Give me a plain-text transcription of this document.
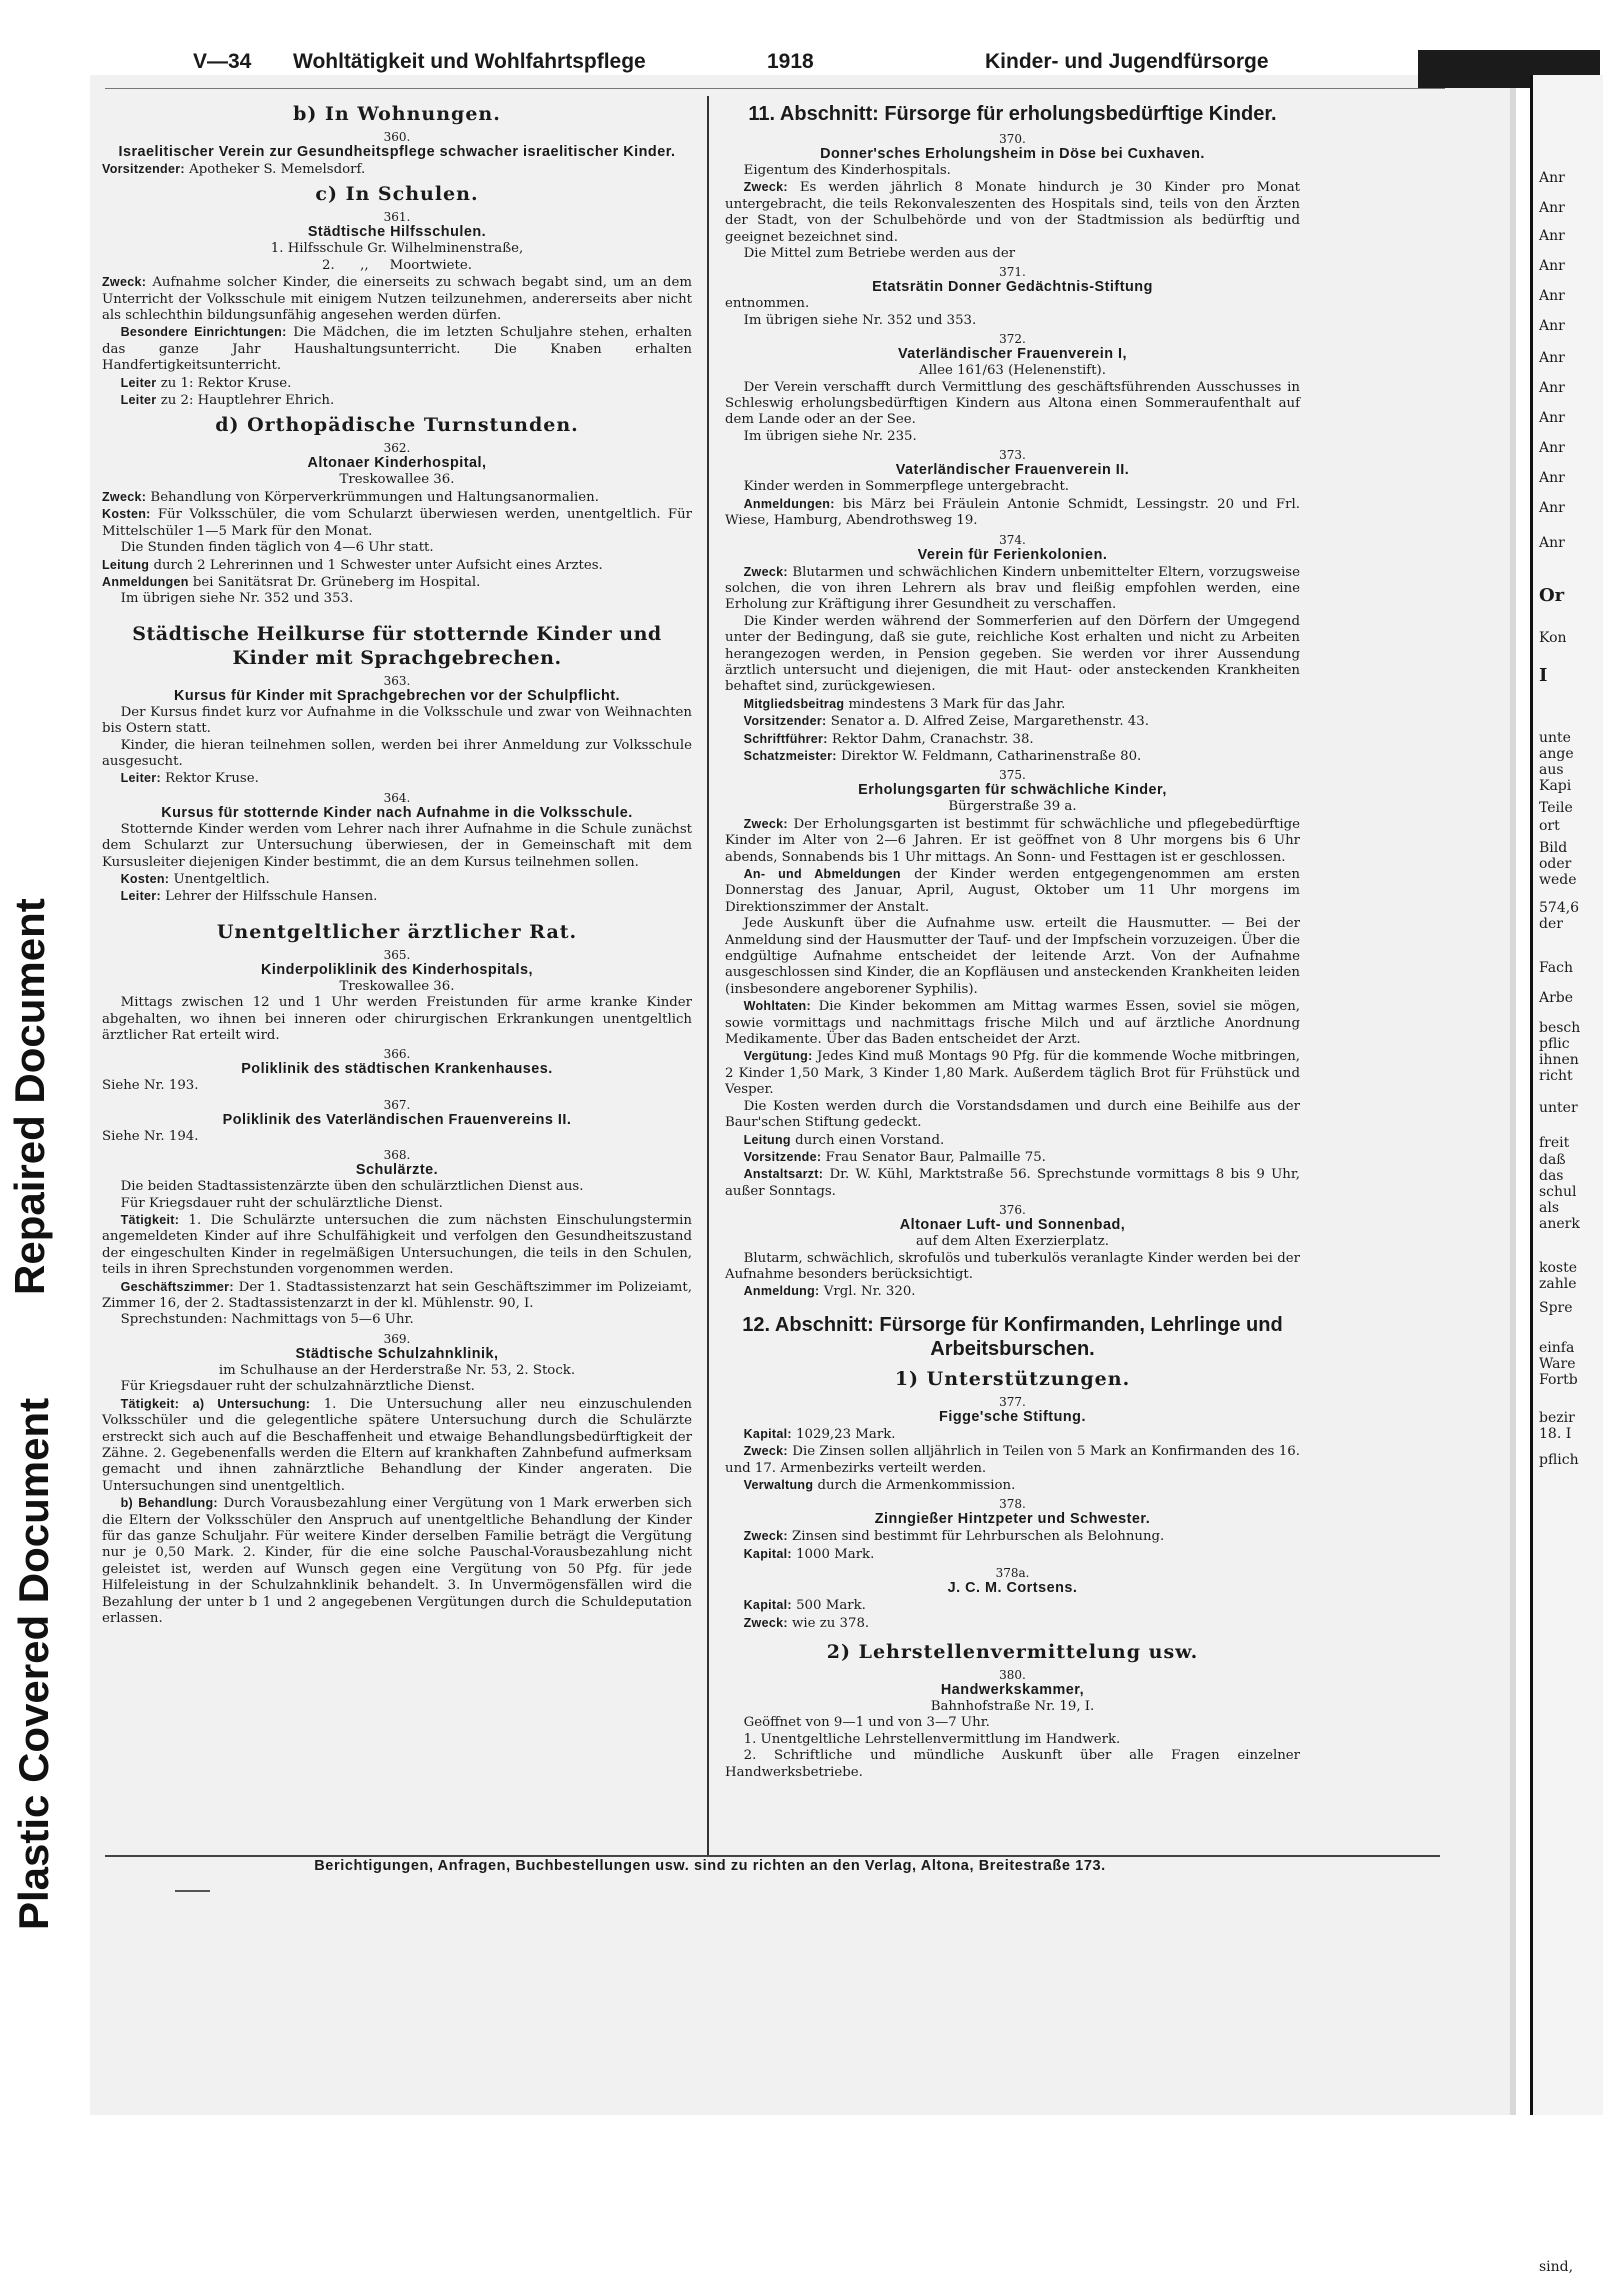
Repaired Document
Plastic Covered Document
Anr
Anr
Anr
Anr
Anr
Anr
Anr
Anr
Anr
Anr
Anr
Anr
Anr
Or
Kon
I
unte
ange
aus
Kapi
Teile
ort
Bild
oder
wede
574,6
der
Fach
Arbe
besch
pflic
ihnen
richt
unter
freit
daß
das
schul
als
anerk
koste
zahle
Spre
einfa
Ware
Fortb
bezir
18. I
pflich
sind,
V—34 Wohltätigkeit und Wohlfahrtspflege	1918	Kinder- und Jugendfürsorge
b) In Wohnungen.
360.
Israelitischer Verein zur Gesundheitspflege schwacher israelitischer Kinder.
Vorsitzender: Apotheker S. Memelsdorf.
c) In Schulen.
361.
Städtische Hilfsschulen.
1. Hilfsschule Gr. Wilhelminenstraße,
2.      ,,     Moortwiete.
Zweck: Aufnahme solcher Kinder, die einerseits zu schwach begabt sind, um an dem Unterricht der Volksschule mit einigem Nutzen teilzunehmen, andererseits aber nicht als schlechthin bildungsunfähig angesehen werden dürfen.
Besondere Einrichtungen: Die Mädchen, die im letzten Schuljahre stehen, erhalten das ganze Jahr Haushaltungsunterricht. Die Knaben erhalten Handfertigkeitsunterricht.
Leiter zu 1: Rektor Kruse.
Leiter zu 2: Hauptlehrer Ehrich.
d) Orthopädische Turnstunden.
362.
Altonaer Kinderhospital,
Treskowallee 36.
Zweck: Behandlung von Körperverkrümmungen und Haltungsanormalien.
Kosten: Für Volksschüler, die vom Schularzt überwiesen werden, unentgeltlich. Für Mittelschüler 1—5 Mark für den Monat.
Die Stunden finden täglich von 4—6 Uhr statt.
Leitung durch 2 Lehrerinnen und 1 Schwester unter Aufsicht eines Arztes.
Anmeldungen bei Sanitätsrat Dr. Grüneberg im Hospital.
Im übrigen siehe Nr. 352 und 353.
Städtische Heilkurse für stotternde Kinder und Kinder mit Sprachgebrechen.
363.
Kursus für Kinder mit Sprachgebrechen vor der Schulpflicht.
Der Kursus findet kurz vor Aufnahme in die Volksschule und zwar von Weihnachten bis Ostern statt.
Kinder, die hieran teilnehmen sollen, werden bei ihrer Anmeldung zur Volksschule ausgesucht.
Leiter: Rektor Kruse.
364.
Kursus für stotternde Kinder nach Aufnahme in die Volksschule.
Stotternde Kinder werden vom Lehrer nach ihrer Aufnahme in die Schule zunächst dem Schularzt zur Untersuchung überwiesen, der in Gemeinschaft mit dem Kursusleiter diejenigen Kinder bestimmt, die an dem Kursus teilnehmen sollen.
Kosten: Unentgeltlich.
Leiter: Lehrer der Hilfsschule Hansen.
Unentgeltlicher ärztlicher Rat.
365.
Kinderpoliklinik des Kinderhospitals,
Treskowallee 36.
Mittags zwischen 12 und 1 Uhr werden Freistunden für arme kranke Kinder abgehalten, wo ihnen bei inneren oder chirurgischen Erkrankungen unentgeltlich ärztlicher Rat erteilt wird.
366.
Poliklinik des städtischen Krankenhauses.
Siehe Nr. 193.
367.
Poliklinik des Vaterländischen Frauenvereins II.
Siehe Nr. 194.
368.
Schulärzte.
Die beiden Stadtassistenzärzte üben den schulärztlichen Dienst aus.
Für Kriegsdauer ruht der schulärztliche Dienst.
Tätigkeit: 1. Die Schulärzte untersuchen die zum nächsten Einschulungstermin angemeldeten Kinder auf ihre Schulfähigkeit und verfolgen den Gesundheitszustand der eingeschulten Kinder in regelmäßigen Untersuchungen, die teils in den Schulen, teils in ihren Sprechstunden vorgenommen werden.
Geschäftszimmer: Der 1. Stadtassistenzarzt hat sein Geschäftszimmer im Polizeiamt, Zimmer 16, der 2. Stadtassistenzarzt in der kl. Mühlenstr. 90, I.
Sprechstunden: Nachmittags von 5—6 Uhr.
369.
Städtische Schulzahnklinik,
im Schulhause an der Herderstraße Nr. 53, 2. Stock.
Für Kriegsdauer ruht der schulzahnärztliche Dienst.
Tätigkeit: a) Untersuchung: 1. Die Untersuchung aller neu einzuschulenden Volksschüler und die gelegentliche spätere Untersuchung durch die Schulärzte erstreckt sich auch auf die Beschaffenheit und etwaige Behandlungsbedürftigkeit der Zähne. 2. Gegebenenfalls werden die Eltern auf krankhaften Zahnbefund aufmerksam gemacht und ihnen zahnärztliche Behandlung der Kinder angeraten. Die Untersuchungen sind unentgeltlich.
b) Behandlung: Durch Vorausbezahlung einer Vergütung von 1 Mark erwerben sich die Eltern der Volksschüler den Anspruch auf unentgeltliche Behandlung der Kinder für das ganze Schuljahr. Für weitere Kinder derselben Familie beträgt die Vergütung nur je 0,50 Mark. 2. Kinder, für die eine solche Pauschal-Vorausbezahlung nicht geleistet ist, werden auf Wunsch gegen eine Vergütung von 50 Pfg. für jede Hilfeleistung in der Schulzahnklinik behandelt. 3. In Unvermögensfällen wird die Bezahlung der unter b 1 und 2 angegebenen Vergütungen durch die Schuldeputation erlassen.
11. Abschnitt: Fürsorge für erholungsbedürftige Kinder.
370.
Donner'sches Erholungsheim in Döse bei Cuxhaven.
Eigentum des Kinderhospitals.
Zweck: Es werden jährlich 8 Monate hindurch je 30 Kinder pro Monat untergebracht, die teils Rekonvaleszenten des Hospitals sind, teils von den Ärzten der Stadt, von der Schulbehörde und von der Stadtmission als bedürftig und geeignet bezeichnet sind.
Die Mittel zum Betriebe werden aus der
371.
Etatsrätin Donner Gedächtnis-Stiftung
entnommen.
Im übrigen siehe Nr. 352 und 353.
372.
Vaterländischer Frauenverein I,
Allee 161/63 (Helenenstift).
Der Verein verschafft durch Vermittlung des geschäftsführenden Ausschusses in Schleswig erholungsbedürftigen Kindern aus Altona einen Sommeraufenthalt auf dem Lande oder an der See.
Im übrigen siehe Nr. 235.
373.
Vaterländischer Frauenverein II.
Kinder werden in Sommerpflege untergebracht.
Anmeldungen: bis März bei Fräulein Antonie Schmidt, Lessingstr. 20 und Frl. Wiese, Hamburg, Abendrothsweg 19.
374.
Verein für Ferienkolonien.
Zweck: Blutarmen und schwächlichen Kindern unbemittelter Eltern, vorzugsweise solchen, die von ihren Lehrern als brav und fleißig empfohlen werden, eine Erholung zur Kräftigung ihrer Gesundheit zu verschaffen.
Die Kinder werden während der Sommerferien auf den Dörfern der Umgegend unter der Bedingung, daß sie gute, reichliche Kost erhalten und nicht zu Arbeiten herangezogen werden, in Pension gegeben. Sie werden vor ihrer Aussendung ärztlich untersucht und diejenigen, die mit Haut- oder ansteckenden Krankheiten behaftet sind, zurückgewiesen.
Mitgliedsbeitrag mindestens 3 Mark für das Jahr.
Vorsitzender: Senator a. D. Alfred Zeise, Margarethenstr. 43.
Schriftführer: Rektor Dahm, Cranachstr. 38.
Schatzmeister: Direktor W. Feldmann, Catharinenstraße 80.
375.
Erholungsgarten für schwächliche Kinder,
Bürgerstraße 39 a.
Zweck: Der Erholungsgarten ist bestimmt für schwächliche und pflegebedürftige Kinder im Alter von 2—6 Jahren. Er ist geöffnet von 8 Uhr morgens bis 6 Uhr abends, Sonnabends bis 1 Uhr mittags. An Sonn- und Festtagen ist er geschlossen.
An- und Abmeldungen der Kinder werden entgegengenommen am ersten Donnerstag des Januar, April, August, Oktober um 11 Uhr morgens im Direktionszimmer der Anstalt.
Jede Auskunft über die Aufnahme usw. erteilt die Hausmutter. — Bei der Anmeldung sind der Hausmutter der Tauf- und der Impfschein vorzuzeigen. Über die endgültige Aufnahme entscheidet der leitende Arzt. Von der Aufnahme ausgeschlossen sind Kinder, die an Kopfläusen und ansteckenden Krankheiten leiden (insbesondere angeborener Syphilis).
Wohltaten: Die Kinder bekommen am Mittag warmes Essen, soviel sie mögen, sowie vormittags und nachmittags frische Milch und auf ärztliche Anordnung Medikamente. Über das Baden entscheidet der Arzt.
Vergütung: Jedes Kind muß Montags 90 Pfg. für die kommende Woche mitbringen, 2 Kinder 1,50 Mark, 3 Kinder 1,80 Mark. Außerdem täglich Brot für Frühstück und Vesper.
Die Kosten werden durch die Vorstandsdamen und durch eine Beihilfe aus der Baur'schen Stiftung gedeckt.
Leitung durch einen Vorstand.
Vorsitzende: Frau Senator Baur, Palmaille 75.
Anstaltsarzt: Dr. W. Kühl, Marktstraße 56. Sprechstunde vormittags 8 bis 9 Uhr, außer Sonntags.
376.
Altonaer Luft- und Sonnenbad,
auf dem Alten Exerzierplatz.
Blutarm, schwächlich, skrofulös und tuberkulös veranlagte Kinder werden bei der Aufnahme besonders berücksichtigt.
Anmeldung: Vrgl. Nr. 320.
12. Abschnitt: Fürsorge für Konfirmanden, Lehrlinge und Arbeitsburschen.
1) Unterstützungen.
377.
Figge'sche Stiftung.
Kapital: 1029,23 Mark.
Zweck: Die Zinsen sollen alljährlich in Teilen von 5 Mark an Konfirmanden des 16. und 17. Armenbezirks verteilt werden.
Verwaltung durch die Armenkommission.
378.
Zinngießer Hintzpeter und Schwester.
Zweck: Zinsen sind bestimmt für Lehrburschen als Belohnung.
Kapital: 1000 Mark.
378a.
J. C. M. Cortsens.
Kapital: 500 Mark.
Zweck: wie zu 378.
2) Lehrstellenvermittelung usw.
380.
Handwerkskammer,
Bahnhofstraße Nr. 19, I.
Geöffnet von 9—1 und von 3—7 Uhr.
1. Unentgeltliche Lehrstellenvermittlung im Handwerk.
2. Schriftliche und mündliche Auskunft über alle Fragen einzelner Handwerksbetriebe.
Berichtigungen, Anfragen, Buchbestellungen usw. sind zu richten an den Verlag, Altona, Breitestraße 173.
